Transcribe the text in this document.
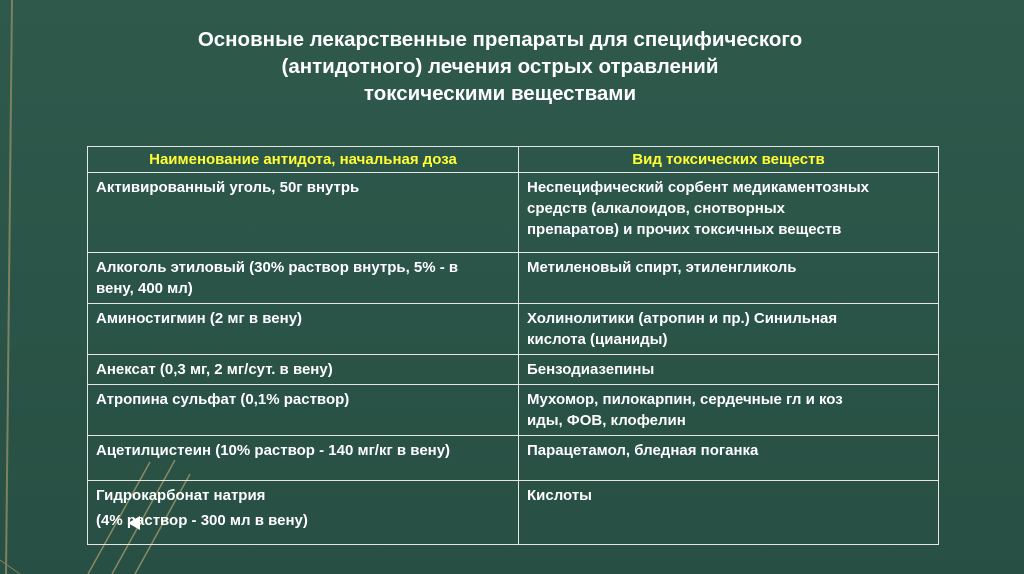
Основные лекарственные препараты для специфического
(антидотного) лечения острых отравлений
токсическими веществами
Наименование антидота, начальная доза	Вид токсических веществ

Активированный уголь, 50г внутрь	Неспецифический сорбент медикаментозных
средств (алкалоидов, снотворных
препаратов) и прочих токсичных веществ

Алкоголь этиловый (30% раствор внутрь, 5% - в
вену, 400 мл)	Метиленовый спирт, этиленгликоль

Аминостигмин (2 мг в вену)	Холинолитики (атропин и пр.) Синильная
кислота (цианиды)

Анексат (0,3 мг, 2 мг/сут. в вену)	Бензодиазепины

Атропина сульфат (0,1% раствор)	Мухомор, пилокарпин, сердечные гл и коз
иды, ФОВ, клофелин

Ацетилцистеин (10% раствор - 140 мг/кг в вену)	Парацетамол, бледная поганка

Гидрокарбонат натрия
(4% раствор - 300 мл в вену)	Кислоты
